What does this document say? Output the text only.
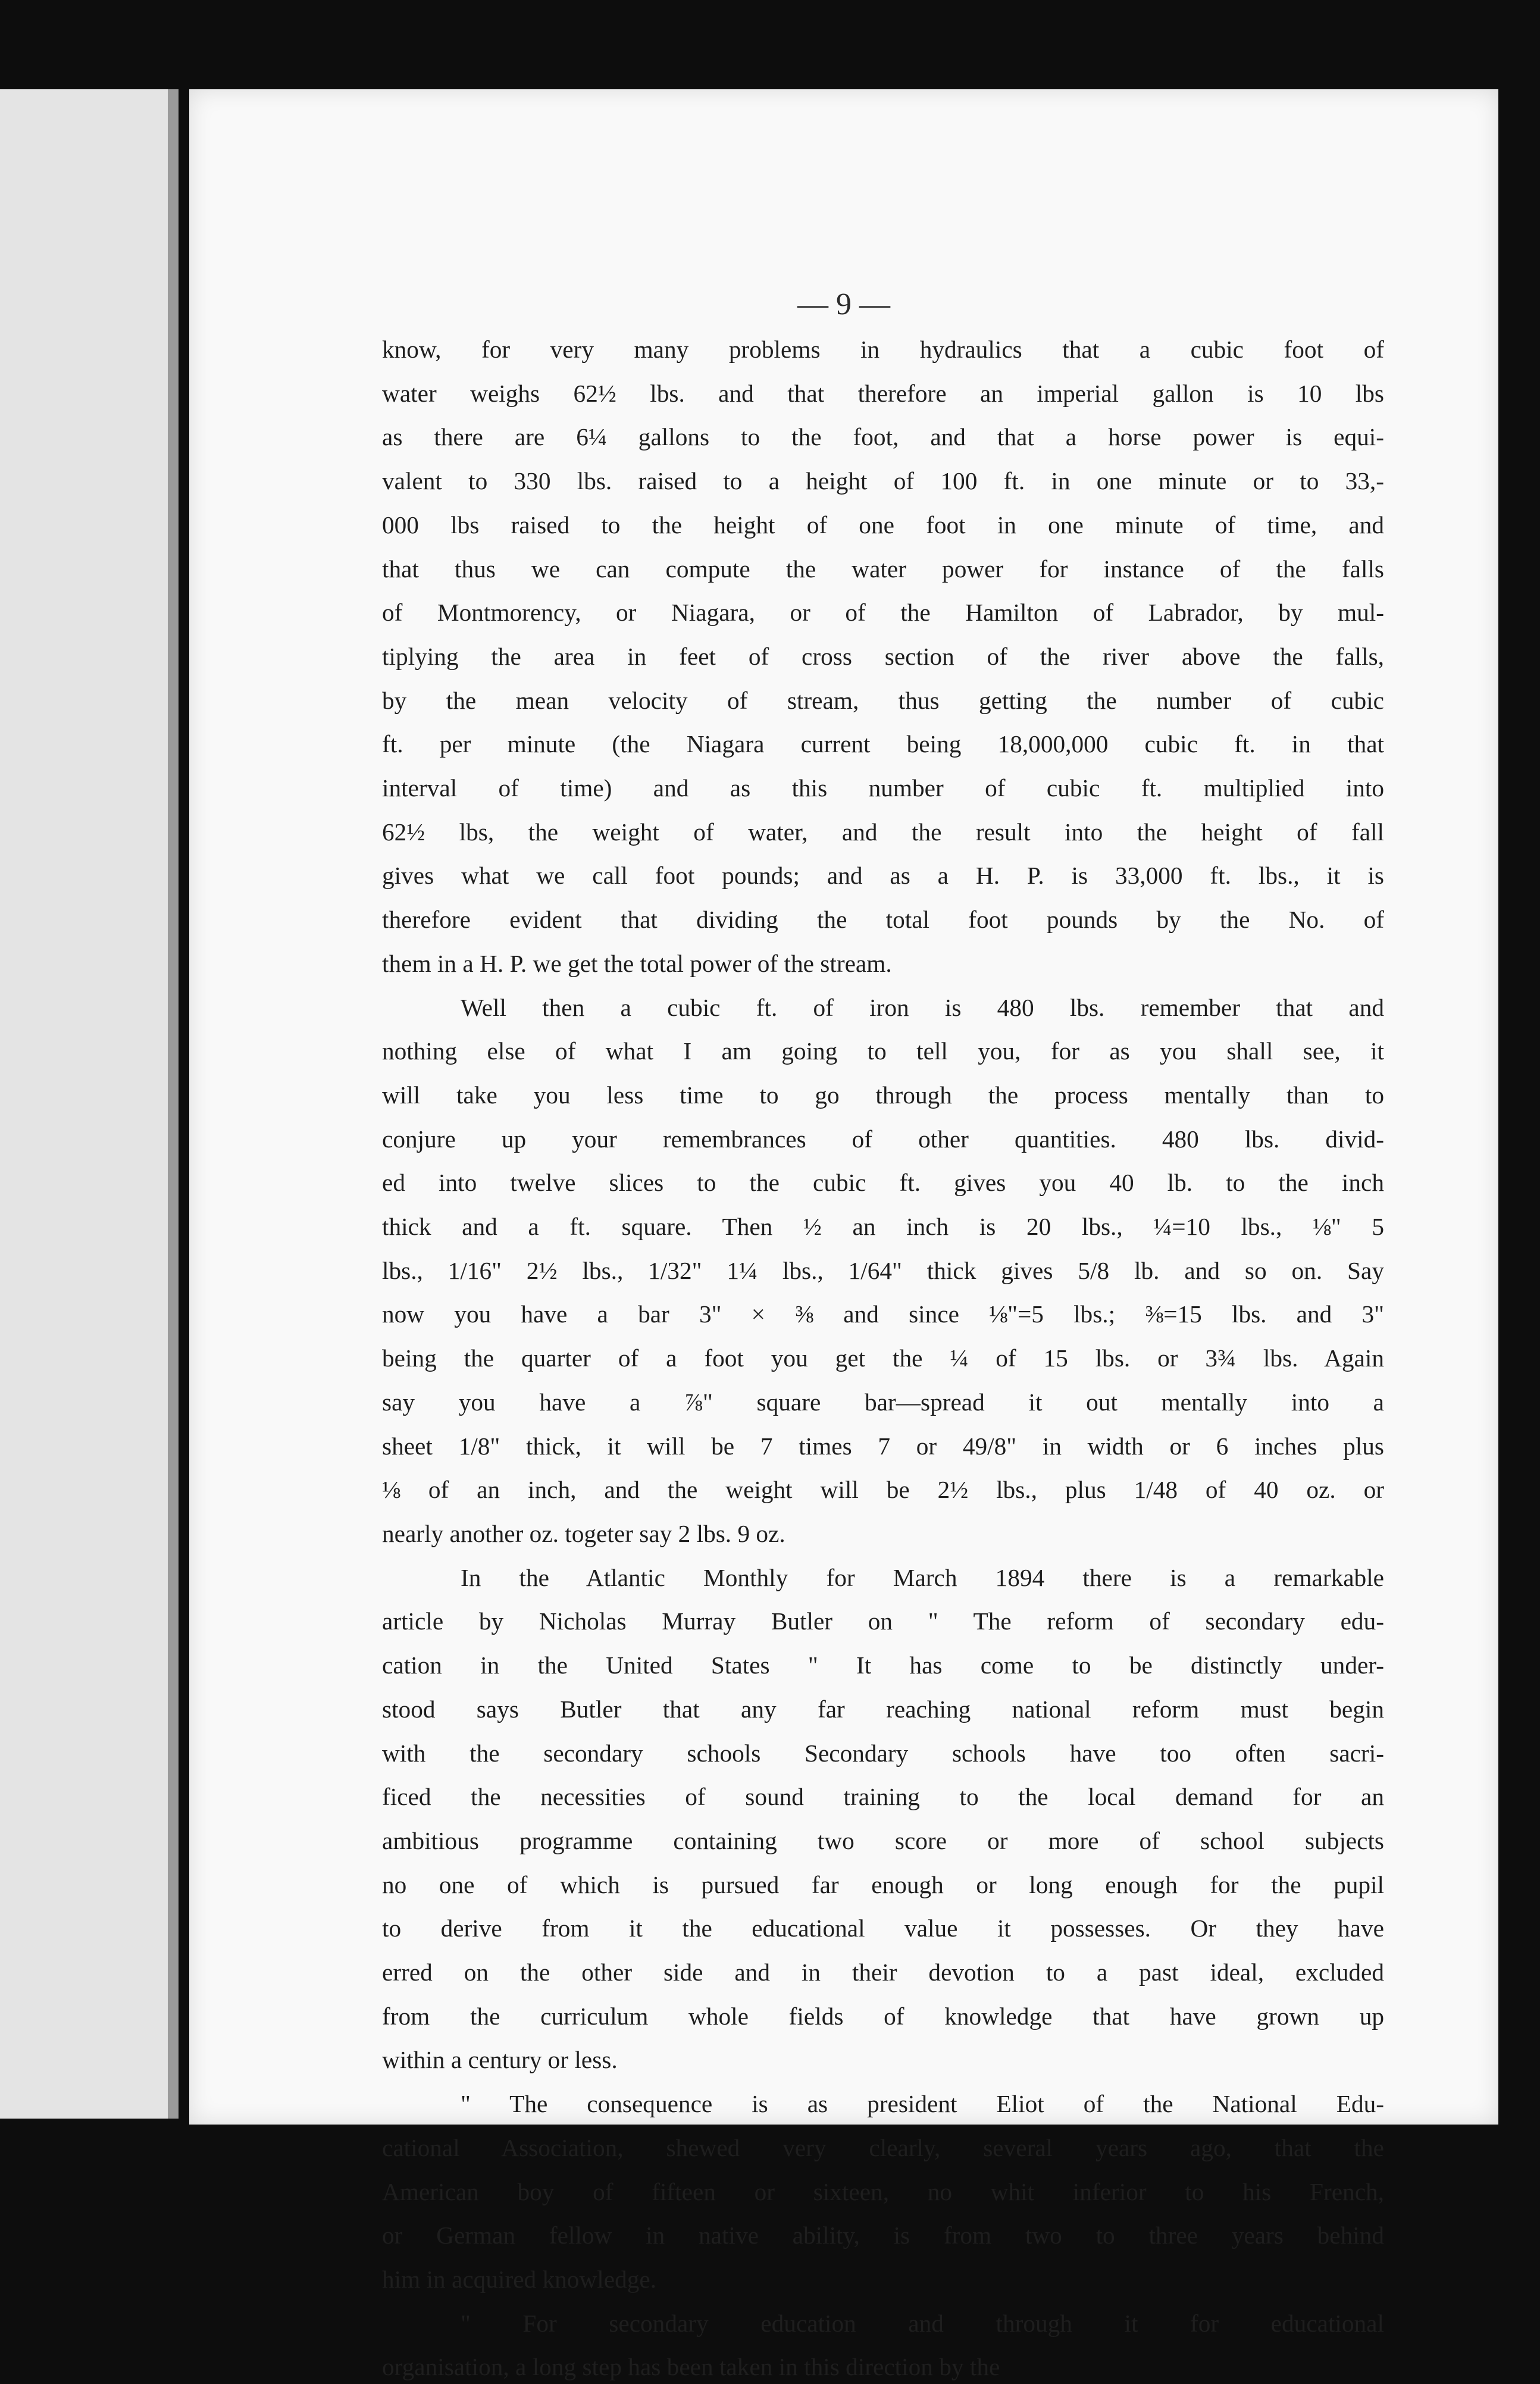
— 9 —

know, for very many problems in hydraulics that a cubic foot of

water weighs 62½ lbs. and that therefore an imperial gallon is 10 lbs

as there are 6¼ gallons to the foot, and that a horse power is equi-

valent to 330 lbs. raised to a height of 100 ft. in one minute or to 33,-

000 lbs raised to the height of one foot in one minute of time, and

that thus we can compute the water power for instance of the falls

of Montmorency, or Niagara, or of the Hamilton of Labrador, by mul-

tiplying the area in feet of cross section of the river above the falls,

by the mean velocity of stream, thus getting the number of cubic

ft. per minute (the Niagara current being 18,000,000 cubic ft. in that

interval of time) and as this number of cubic ft. multiplied into

62½ lbs, the weight of water, and the result into the height of fall

gives what we call foot pounds; and as a H. P. is 33,000 ft. lbs., it is

therefore evident that dividing the total foot pounds by the No. of

them in a H. P. we get the total power of the stream.

Well then a cubic ft. of iron is 480 lbs. remember that and

nothing else of what I am going to tell you, for as you shall see, it

will take you less time to go through the process mentally than to

conjure up your remembrances of other quantities. 480 lbs. divid-

ed into twelve slices to the cubic ft. gives you 40 lb. to the inch

thick and a ft. square. Then ½ an inch is 20 lbs., ¼=10 lbs., ⅛" 5

lbs., 1/16" 2½ lbs., 1/32" 1¼ lbs., 1/64" thick gives 5/8 lb. and so on. Say

now you have a bar 3" × ⅜ and since ⅛"=5 lbs.; ⅜=15 lbs. and 3"

being the quarter of a foot you get the ¼ of 15 lbs. or 3¾ lbs. Again

say you have a ⅞" square bar—spread it out mentally into a

sheet 1/8" thick, it will be 7 times 7 or 49/8" in width or 6 inches plus

⅛ of an inch, and the weight will be 2½ lbs., plus 1/48 of 40 oz. or

nearly another oz. togeter say 2 lbs. 9 oz.

In the Atlantic Monthly for March 1894 there is a remarkable

article by Nicholas Murray Butler on " The reform of secondary edu-

cation in the United States " It has come to be distinctly under-

stood says Butler that any far reaching national reform must begin

with the secondary schools Secondary schools have too often sacri-

ficed the necessities of sound training to the local demand for an

ambitious programme containing two score or more of school subjects

no one of which is pursued far enough or long enough for the pupil

to derive from it the educational value it possesses. Or they have

erred on the other side and in their devotion to a past ideal, excluded

from the curriculum whole fields of knowledge that have grown up

within a century or less.

" The consequence is as president Eliot of the National Edu-

cational Association, shewed very clearly, several years ago, that the

American boy of fifteen or sixteen, no whit inferior to his French,

or German fellow in native ability, is from two to three years behind

him in acquired knowledge.

" For secondary education and through it for educational

organisation, a long step has been taken in this direction by the
